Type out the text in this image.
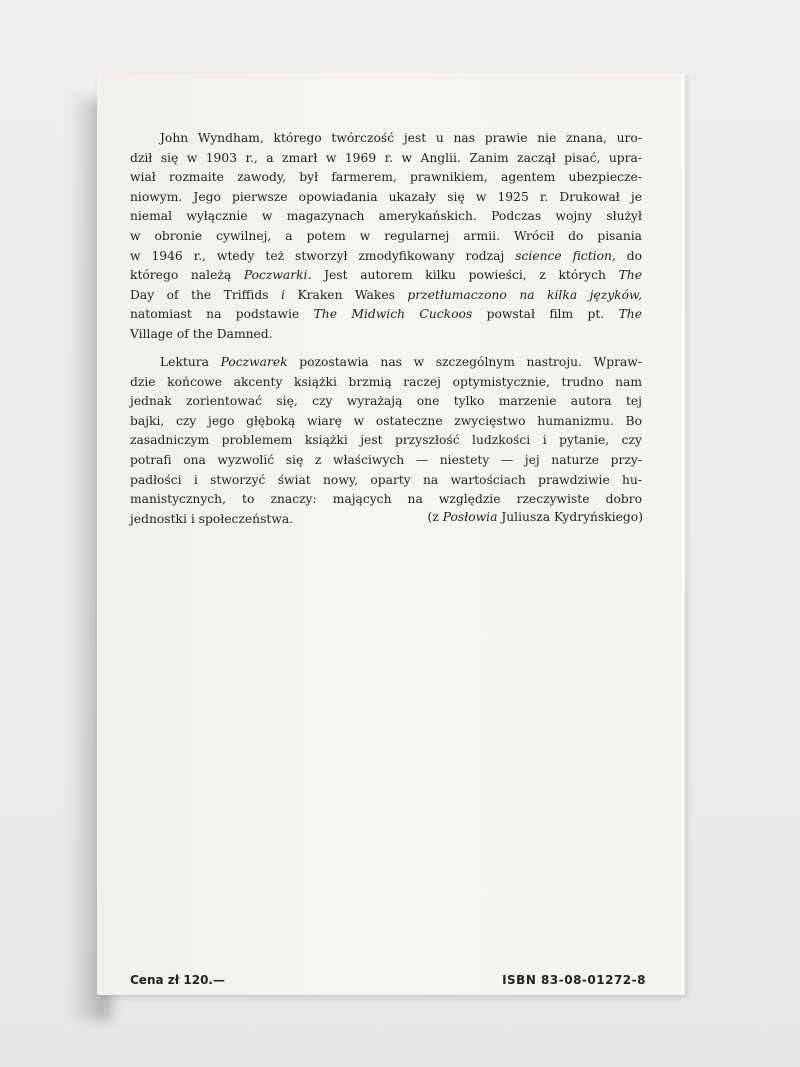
John Wyndham, którego twórczość jest u nas prawie nie znana, uro-
dził się w 1903 r., a zmarł w 1969 r. w Anglii. Zanim zaczął pisać, upra-
wiał rozmaite zawody, był farmerem, prawnikiem, agentem ubezpiecze-
niowym. Jego pierwsze opowiadania ukazały się w 1925 r. Drukował je
niemal wyłącznie w magazynach amerykańskich. Podczas wojny służył
w obronie cywilnej, a potem w regularnej armii. Wrócił do pisania
w 1946 r., wtedy też stworzył zmodyfikowany rodzaj science fiction, do
którego należą Poczwarki. Jest autorem kilku powieści, z których The
Day of the Triffids i Kraken Wakes przetłumaczono na kilka języków,
natomiast na podstawie The Midwich Cuckoos powstał film pt. The
Village of the Damned.

Lektura Poczwarek pozostawia nas w szczególnym nastroju. Wpraw-
dzie końcowe akcenty książki brzmią raczej optymistycznie, trudno nam
jednak zorientować się, czy wyrażają one tylko marzenie autora tej
bajki, czy jego głęboką wiarę w ostateczne zwycięstwo humanizmu. Bo
zasadniczym problemem książki jest przyszłość ludzkości i pytanie, czy
potrafi ona wyzwolić się z właściwych — niestety — jej naturze przy-
padłości i stworzyć świat nowy, oparty na wartościach prawdziwie hu-
manistycznych, to znaczy: mających na względzie rzeczywiste dobro
jednostki i społeczeństwa.	(z Posłowia Juliusza Kydryńskiego)
Cena zł 120.—	ISBN 83-08-01272-8
